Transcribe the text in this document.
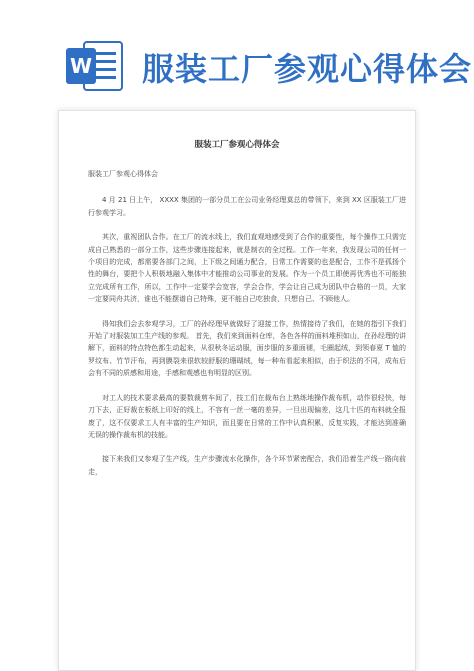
W 服装工厂参观心得体会
服装工厂参观心得体会

服装工厂参观心得体会

4 月 21 日上午， XXXX 集团的一部分员工在公司业务经理莫总的带领下，来到 XX 区服装工厂进行参观学习。

其次，重视团队合作。在工厂的流水线上，我们直观地感受到了合作的重要性，每个操作工只需完成自己熟悉的一部分工作，这些步骤连接起来，就是制衣的全过程。工作一年来，我发现公司的任何一个项目的完成，都需要各部门之间，上下级之间通力配合，日常工作需要的也是配合，工作不是孤扬个性的舞台，要把个人积极地融入集体中才能推动公司事业的发展。作为一个员工即使再优秀也不可能独立完成所有工作，所以，工作中一定要学会宽容，学会合作，学会让自己成为团队中合格的一员，大家一定要同舟共济，谁也不能摆谱自己特殊，更不能自己吃独食，只想自己、不顾他人。

得知我们会去参观学习，工厂的孙经理早就做好了迎接工作，热情接待了我们，在她的指引下我们开始了对服装加工生产线的参观。 首先，我们来到面料仓库，各色各样的面料堆积如山，在孙经理的讲解下，面料的特点特色都生动起来，从很秋冬运动服，面步服的多重面褪，毛圈起绒，到领春夏 T 恤的罗纹布、竹节汗布，再到膜裂来很软较舒服的珊瑚绒，每一种布看起来相似，由于织法的不同，成布后会有不同的质感和用途，手感和观感也有明显的区别。

对工人的技术要求最高的要数裁剪车间了，技工们在裁布台上熟练地操作裁布机，动作很轻快，每刀下去，正好裁在板纸上印好的线上，不容有一丝一毫的差异，一旦出现偏差，这几十匹的布料就全报废了，这不仅要求工人有丰富的生产知识，而且要在日常的工作中认真积累，反复实践，才能达到准确无误的操作裁布机的技能。

接下来我们又参观了生产线，生产步骤流水化操作，各个环节紧密配合，我们沿着生产线一路向前走，
